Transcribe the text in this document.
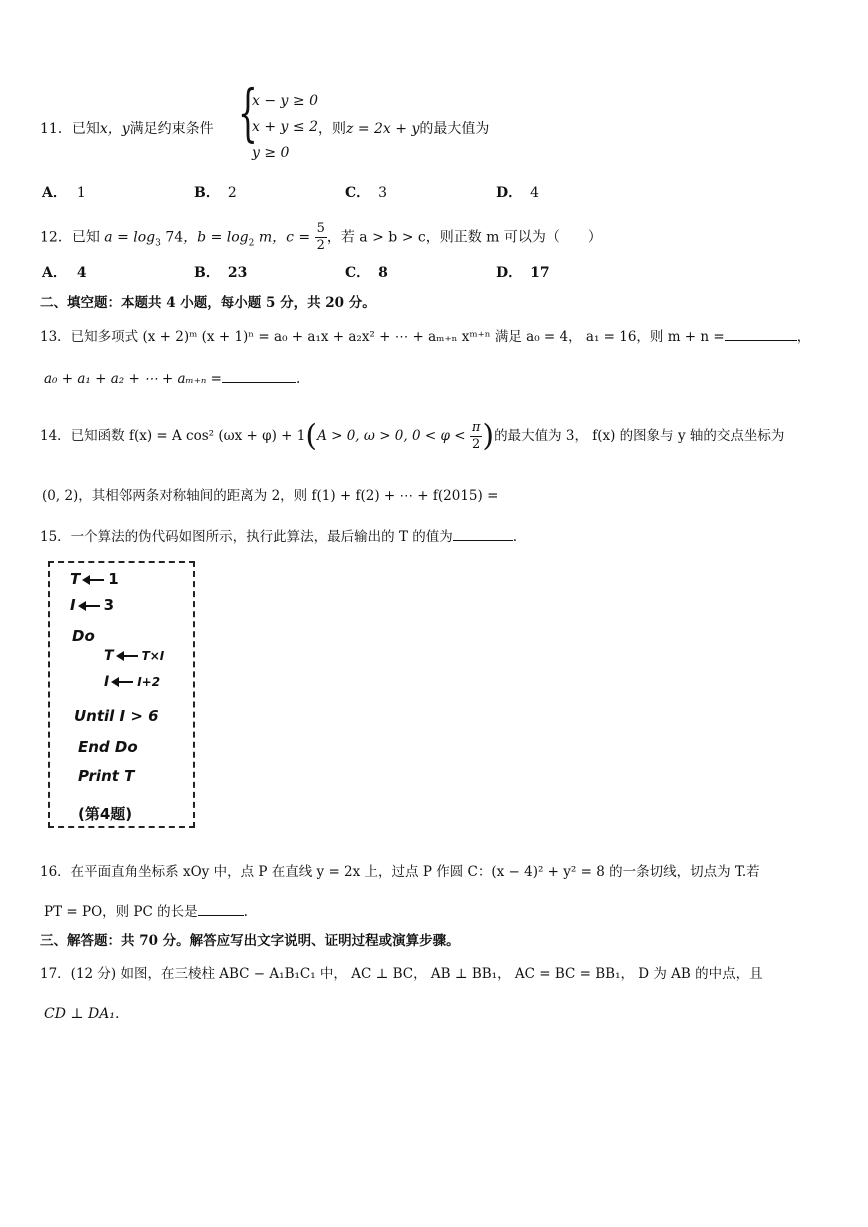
11．已知x，y满足约束条件 {
x − y ≥ 0
x + y ≤ 2
y ≥ 0
，则z = 2x + y的最大值为
A． 1	B． 2	C． 3	D． 4
12．已知 $a = \log_3 74$，$b = \log_2 m$，$c = \frac{5}{2}$ ，若 a > b > c，则正数 m 可以为（　　）
A． 4	B． 23	C． 8	D． 17
二、填空题：本题共 4 小题，每小题 5 分，共 20 分。
13．已知多项式 (x + 2)ᵐ (x + 1)ⁿ = a₀ + a₁x + a₂x² + ⋯ + aₘ₊ₙ xᵐ⁺ⁿ 满足 a₀ = 4， a₁ = 16，则 m + n =	，
a₀ + a₁ + a₂ + ⋯ + aₘ₊ₙ =	.
14．已知函数 f(x) = A cos² (ωx + φ) + 1(A > 0, ω > 0, $0 < \varphi < \frac{\pi}{2}$ )的最大值为 3， f(x) 的图象与 y 轴的交点坐标为
(0, 2)，其相邻两条对称轴间的距离为 2，则 f(1) + f(2) + ⋯ + f(2015) =
15．一个算法的伪代码如图所示，执行此算法，最后输出的 T 的值为	.
T 1
I 3
Do
T T×I
I I+2
Until I > 6
End Do
Print T
(第4题)
16．在平面直角坐标系 xOy 中，点 P 在直线 y = 2x 上，过点 P 作圆 C：(x − 4)² + y² = 8 的一条切线，切点为 T.若
PT = PO，则 PC 的长是	.
三、解答题：共 70 分。解答应写出文字说明、证明过程或演算步骤。
17．(12 分) 如图，在三棱柱 ABC − A₁B₁C₁ 中， AC ⊥ BC， AB ⊥ BB₁， AC = BC = BB₁， D 为 AB 的中点，且
CD ⊥ DA₁.
